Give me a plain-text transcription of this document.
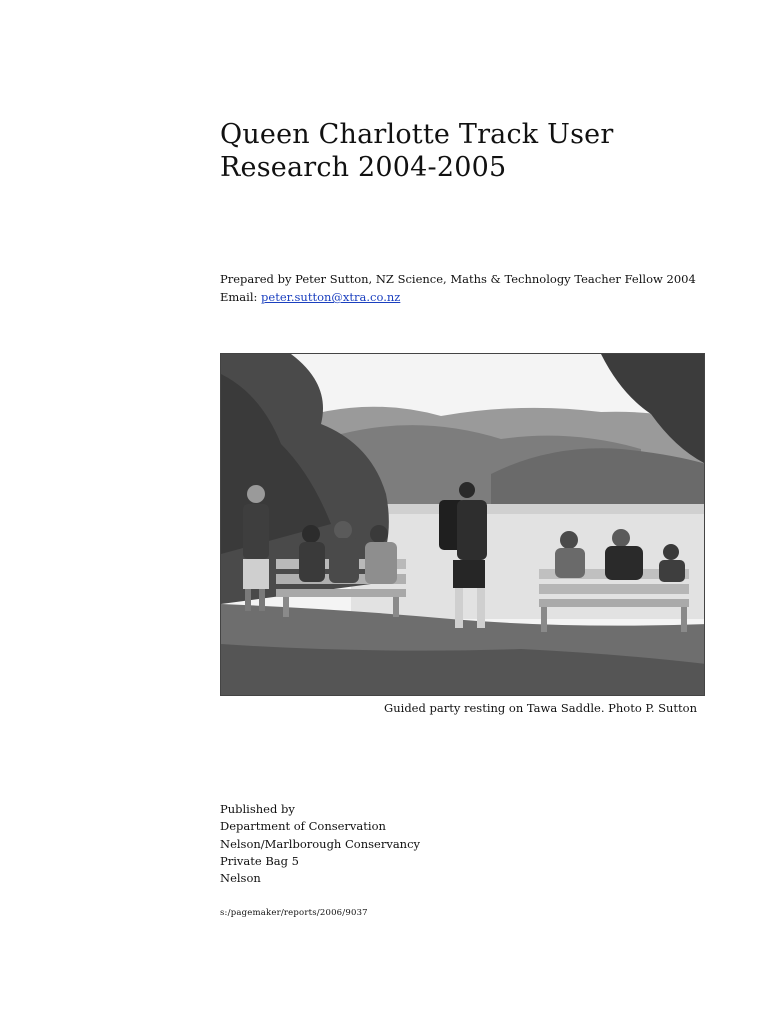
Queen Charlotte Track User
Research 2004-2005
Prepared by Peter Sutton, NZ Science, Maths & Technology Teacher Fellow 2004
Email: peter.sutton@xtra.co.nz
Guided party resting on Tawa Saddle. Photo P. Sutton
Published by
Department of Conservation
Nelson/Marlborough Conservancy
Private Bag 5
Nelson
s:/pagemaker/reports/2006/9037
